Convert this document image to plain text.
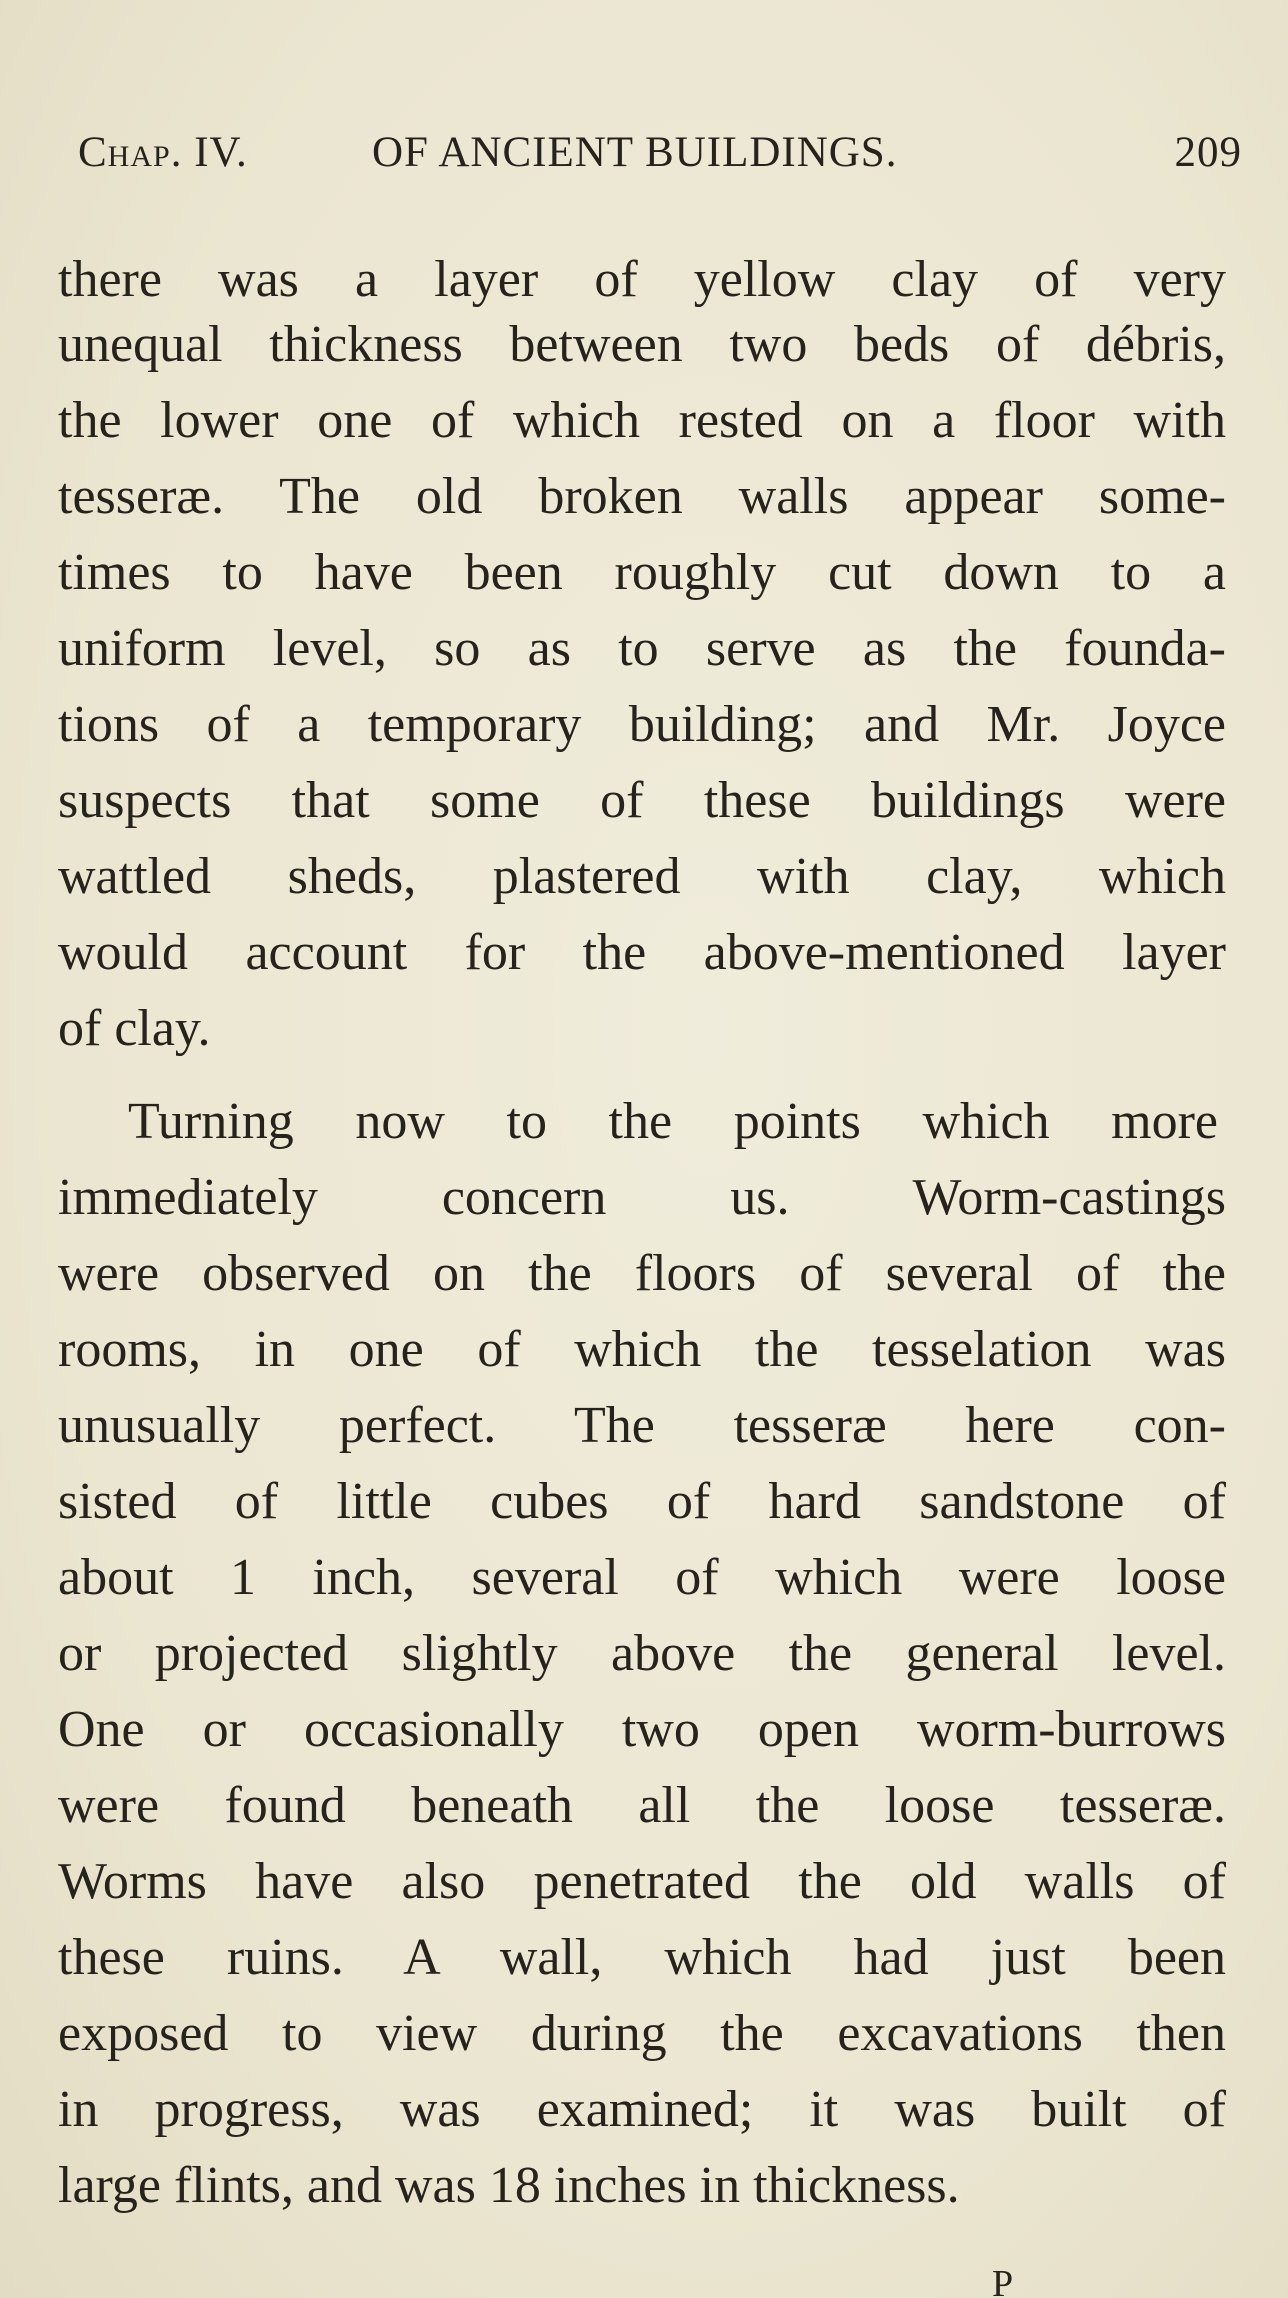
Chap. IV.	OF ANCIENT BUILDINGS.	209
there was a layer of yellow clay of very
unequal thickness between two beds of débris,
the lower one of which rested on a floor with
tesseræ. The old broken walls appear some-
times to have been roughly cut down to a
uniform level, so as to serve as the founda-
tions of a temporary building; and Mr. Joyce
suspects that some of these buildings were
wattled sheds, plastered with clay, which
would account for the above-mentioned layer
of clay.
Turning now to the points which more
immediately concern us. Worm-castings
were observed on the floors of several of the
rooms, in one of which the tesselation was
unusually perfect. The tesseræ here con-
sisted of little cubes of hard sandstone of
about 1 inch, several of which were loose
or projected slightly above the general level.
One or occasionally two open worm-burrows
were found beneath all the loose tesseræ.
Worms have also penetrated the old walls of
these ruins. A wall, which had just been
exposed to view during the excavations then
in progress, was examined; it was built of
large flints, and was 18 inches in thickness.
P
